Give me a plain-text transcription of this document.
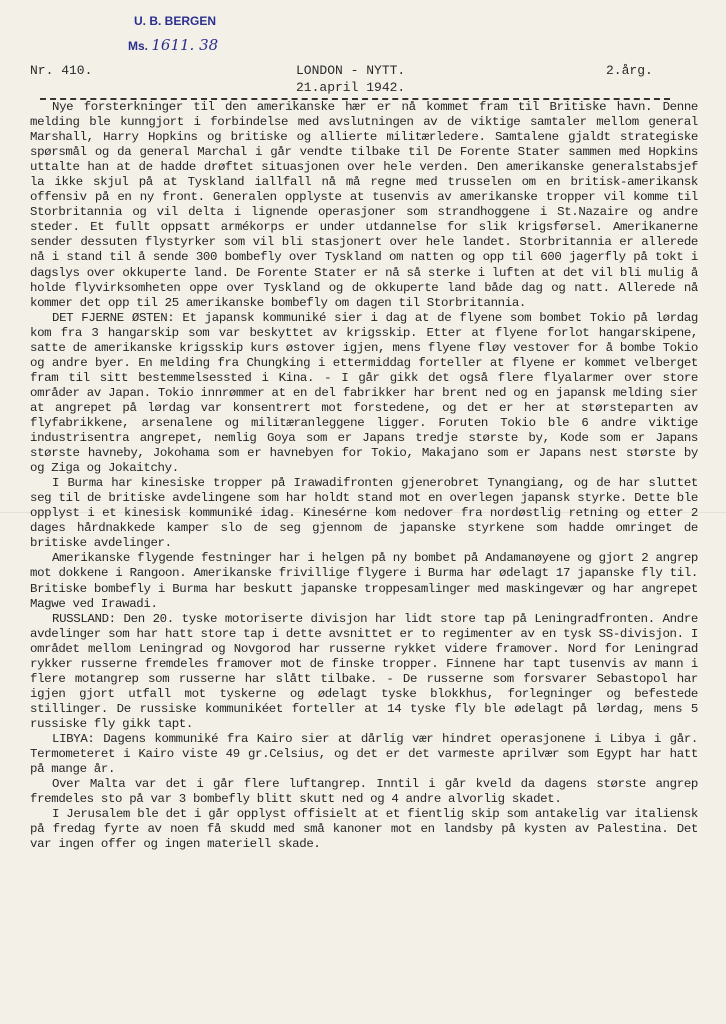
U. B. BERGEN
Ms. 1611. 38
Nr. 410.	LONDON - NYTT.
21.april 1942.
2.årg.

Nye forsterkninger til den amerikanske hær er nå kommet fram til Britiske havn. Denne melding ble kunngjort i forbindelse med avslutningen av de viktige samtaler mellom general Marshall, Harry Hopkins og britiske og allierte militærledere. Samtalene gjaldt strategiske spørsmål og da general Marchal i går vendte tilbake til De Forente Stater sammen med Hopkins uttalte han at de hadde drøftet situasjonen over hele verden. Den amerikanske generalstabsjef la ikke skjul på at Tyskland iallfall nå må regne med trusselen om en britisk-amerikansk offensiv på en ny front. Generalen opplyste at tusenvis av amerikanske tropper vil komme til Storbritannia og vil delta i lignende operasjoner som strandhoggene i St.Nazaire og andre steder. Et fullt oppsatt armékorps er under utdannelse for slik krigsførsel. Amerikanerne sender dessuten flystyrker som vil bli stasjonert over hele landet. Storbritannia er allerede nå i stand til å sende 300 bombefly over Tyskland om natten og opp til 600 jagerfly på tokt i dagslys over okkuperte land. De Forente Stater er nå så sterke i luften at det vil bli mulig å holde flyvirksomheten oppe over Tyskland og de okkuperte land både dag og natt. Allerede nå kommer det opp til 25 amerikanske bombefly om dagen til Storbritannia.

DET FJERNE ØSTEN: Et japansk kommuniké sier i dag at de flyene som bombet Tokio på lørdag kom fra 3 hangarskip som var beskyttet av krigsskip. Etter at flyene forlot hangarskipene, satte de amerikanske krigsskip kurs østover igjen, mens flyene fløy vestover for å bombe Tokio og andre byer. En melding fra Chungking i ettermiddag forteller at flyene er kommet velberget fram til sitt bestemmelsessted i Kina. - I går gikk det også flere flyalarmer over store områder av Japan. Tokio innrømmer at en del fabrikker har brent ned og en japansk melding sier at angrepet på lørdag var konsentrert mot forstedene, og det er her at størsteparten av flyfabrikkene, arsenalene og militæranleggene ligger. Foruten Tokio ble 6 andre viktige industrisentra angrepet, nemlig Goya som er Japans tredje største by, Kode som er Japans største havneby, Jokohama som er havnebyen for Tokio, Makajano som er Japans nest største by og Ziga og Jokaitchy.

I Burma har kinesiske tropper på Irawadifronten gjenerobret Tynangiang, og de har sluttet seg til de britiske avdelingene som har holdt stand mot en overlegen japansk styrke. Dette ble opplyst i et kinesisk kommuniké idag. Kinesérne kom nedover fra nordøstlig retning og etter 2 dages hårdnakkede kamper slo de seg gjennom de japanske styrkene som hadde omringet de britiske avdelinger.

Amerikanske flygende festninger har i helgen på ny bombet på Andamanøyene og gjort 2 angrep mot dokkene i Rangoon. Amerikanske frivillige flygere i Burma har ødelagt 17 japanske fly til. Britiske bombefly i Burma har beskutt japanske troppesamlinger med maskingevær og har angrepet Magwe ved Irawadi.

RUSSLAND: Den 20. tyske motoriserte divisjon har lidt store tap på Leningradfronten. Andre avdelinger som har hatt store tap i dette avsnittet er to regimenter av en tysk SS-divisjon. I området mellom Leningrad og Novgorod har russerne rykket videre framover. Nord for Leningrad rykker russerne fremdeles framover mot de finske tropper. Finnene har tapt tusenvis av mann i flere motangrep som russerne har slått tilbake. - De russerne som forsvarer Sebastopol har igjen gjort utfall mot tyskerne og ødelagt tyske blokkhus, forlegninger og befestede stillinger. De russiske kommunikéet forteller at 14 tyske fly ble ødelagt på lørdag, mens 5 russiske fly gikk tapt.

LIBYA: Dagens kommuniké fra Kairo sier at dårlig vær hindret operasjonene i Libya i går. Termometeret i Kairo viste 49 gr.Celsius, og det er det varmeste aprilvær som Egypt har hatt på mange år.

Over Malta var det i går flere luftangrep. Inntil i går kveld da dagens største angrep fremdeles sto på var 3 bombefly blitt skutt ned og 4 andre alvorlig skadet.

I Jerusalem ble det i går opplyst offisielt at et fientlig skip som antakelig var italiensk på fredag fyrte av noen få skudd med små kanoner mot en landsby på kysten av Palestina. Det var ingen offer og ingen materiell skade.
